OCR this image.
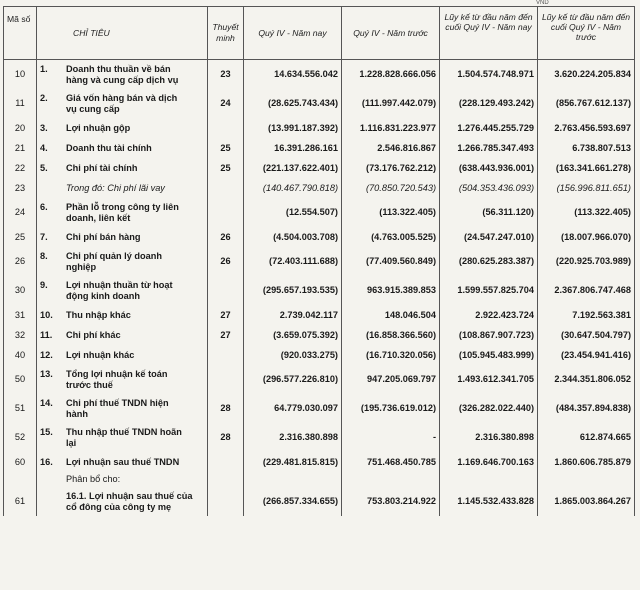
VND
Mã số	CHỈ TIÊU	Thuyết minh	Quý IV - Năm nay	Quý IV - Năm trước	Lũy kế từ đầu năm đến cuối Quý IV - Năm nay	Lũy kế từ đầu năm đến cuối Quý IV - Năm trước
10	1. Doanh thu thuần về bán
hàng và cung cấp dịch vụ	23	14.634.556.042	1.228.828.666.056	1.504.574.748.971	3.620.224.205.834
11	2. Giá vốn hàng bán và dịch
vụ cung cấp	24	(28.625.743.434)	(111.997.442.079)	(228.129.493.242)	(856.767.612.137)
20	3. Lợi nhuận gộp		(13.991.187.392)	1.116.831.223.977	1.276.445.255.729	2.763.456.593.697
21	4. Doanh thu tài chính	25	16.391.286.161	2.546.816.867	1.266.785.347.493	6.738.807.513
22	5. Chi phí tài chính	25	(221.137.622.401)	(73.176.762.212)	(638.443.936.001)	(163.341.661.278)
23	Trong đó: Chi phí lãi vay		(140.467.790.818)	(70.850.720.543)	(504.353.436.093)	(156.996.811.651)
24	6. Phần lỗ trong công ty liên
doanh, liên kết		(12.554.507)	(113.322.405)	(56.311.120)	(113.322.405)
25	7. Chi phí bán hàng	26	(4.504.003.708)	(4.763.005.525)	(24.547.247.010)	(18.007.966.070)
26	8. Chi phí quản lý doanh
nghiệp	26	(72.403.111.688)	(77.409.560.849)	(280.625.283.387)	(220.925.703.989)
30	9. Lợi nhuận thuần từ hoạt
động kinh doanh		(295.657.193.535)	963.915.389.853	1.599.557.825.704	2.367.806.747.468
31	10. Thu nhập khác	27	2.739.042.117	148.046.504	2.922.423.724	7.192.563.381
32	11. Chi phí khác	27	(3.659.075.392)	(16.858.366.560)	(108.867.907.723)	(30.647.504.797)
40	12. Lợi nhuận khác		(920.033.275)	(16.710.320.056)	(105.945.483.999)	(23.454.941.416)
50	13. Tổng lợi nhuận kế toán
trước thuế		(296.577.226.810)	947.205.069.797	1.493.612.341.705	2.344.351.806.052
51	14. Chi phí thuế TNDN hiện
hành	28	64.779.030.097	(195.736.619.012)	(326.282.022.440)	(484.357.894.838)
52	15. Thu nhập thuế TNDN hoãn
lại	28	2.316.380.898	-	2.316.380.898	612.874.665
60	16. Lợi nhuận sau thuế TNDN		(229.481.815.815)	751.468.450.785	1.169.646.700.163	1.860.606.785.879
	Phân bổ cho:					
61	16.1. Lợi nhuận sau thuế của
cổ đông của công ty mẹ		(266.857.334.655)	753.803.214.922	1.145.532.433.828	1.865.003.864.267
